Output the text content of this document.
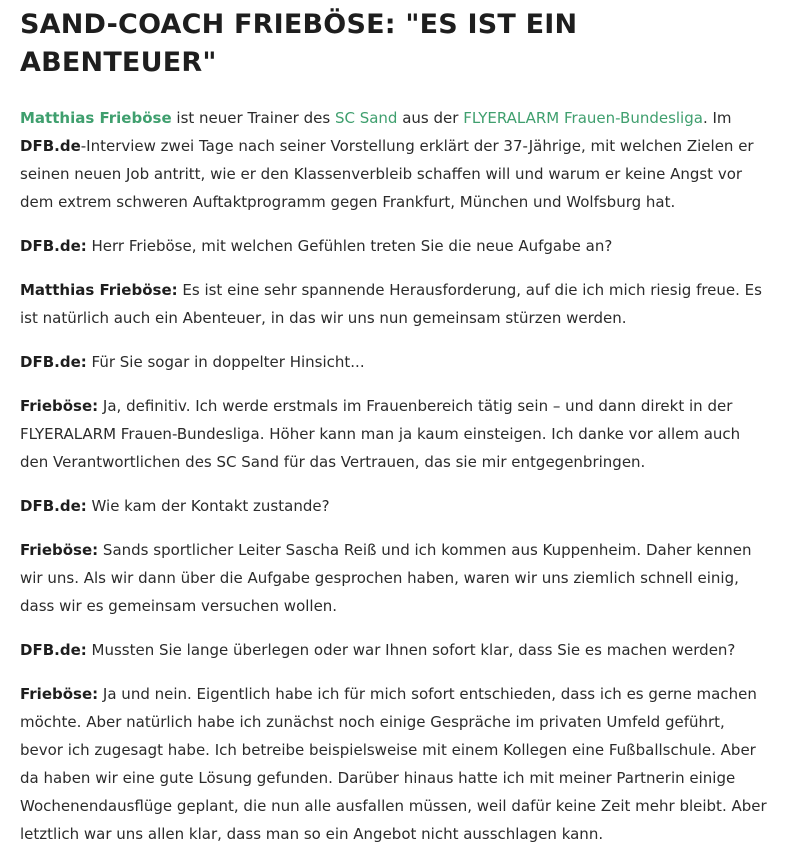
SAND-COACH FRIEBÖSE: "ES IST EIN ABENTEUER"

Matthias Frieböse ist neuer Trainer des SC Sand aus der FLYERALARM Frauen-Bundesliga. Im DFB.de-Interview zwei Tage nach seiner Vorstellung erklärt der 37-Jährige, mit welchen Zielen er seinen neuen Job antritt, wie er den Klassenverbleib schaffen will und warum er keine Angst vor dem extrem schweren Auftaktprogramm gegen Frankfurt, München und Wolfsburg hat.

DFB.de: Herr Frieböse, mit welchen Gefühlen treten Sie die neue Aufgabe an?

Matthias Frieböse: Es ist eine sehr spannende Herausforderung, auf die ich mich riesig freue. Es ist natürlich auch ein Abenteuer, in das wir uns nun gemeinsam stürzen werden.

DFB.de: Für Sie sogar in doppelter Hinsicht...

Frieböse: Ja, definitiv. Ich werde erstmals im Frauenbereich tätig sein – und dann direkt in der FLYERALARM Frauen-Bundesliga. Höher kann man ja kaum einsteigen. Ich danke vor allem auch den Verantwortlichen des SC Sand für das Vertrauen, das sie mir entgegenbringen.

DFB.de: Wie kam der Kontakt zustande?

Frieböse: Sands sportlicher Leiter Sascha Reiß und ich kommen aus Kuppenheim. Daher kennen wir uns. Als wir dann über die Aufgabe gesprochen haben, waren wir uns ziemlich schnell einig, dass wir es gemeinsam versuchen wollen.

DFB.de: Mussten Sie lange überlegen oder war Ihnen sofort klar, dass Sie es machen werden?

Frieböse: Ja und nein. Eigentlich habe ich für mich sofort entschieden, dass ich es gerne machen möchte. Aber natürlich habe ich zunächst noch einige Gespräche im privaten Umfeld geführt, bevor ich zugesagt habe. Ich betreibe beispielsweise mit einem Kollegen eine Fußballschule. Aber da haben wir eine gute Lösung gefunden. Darüber hinaus hatte ich mit meiner Partnerin einige Wochenendausflüge geplant, die nun alle ausfallen müssen, weil dafür keine Zeit mehr bleibt. Aber letztlich war uns allen klar, dass man so ein Angebot nicht ausschlagen kann.
